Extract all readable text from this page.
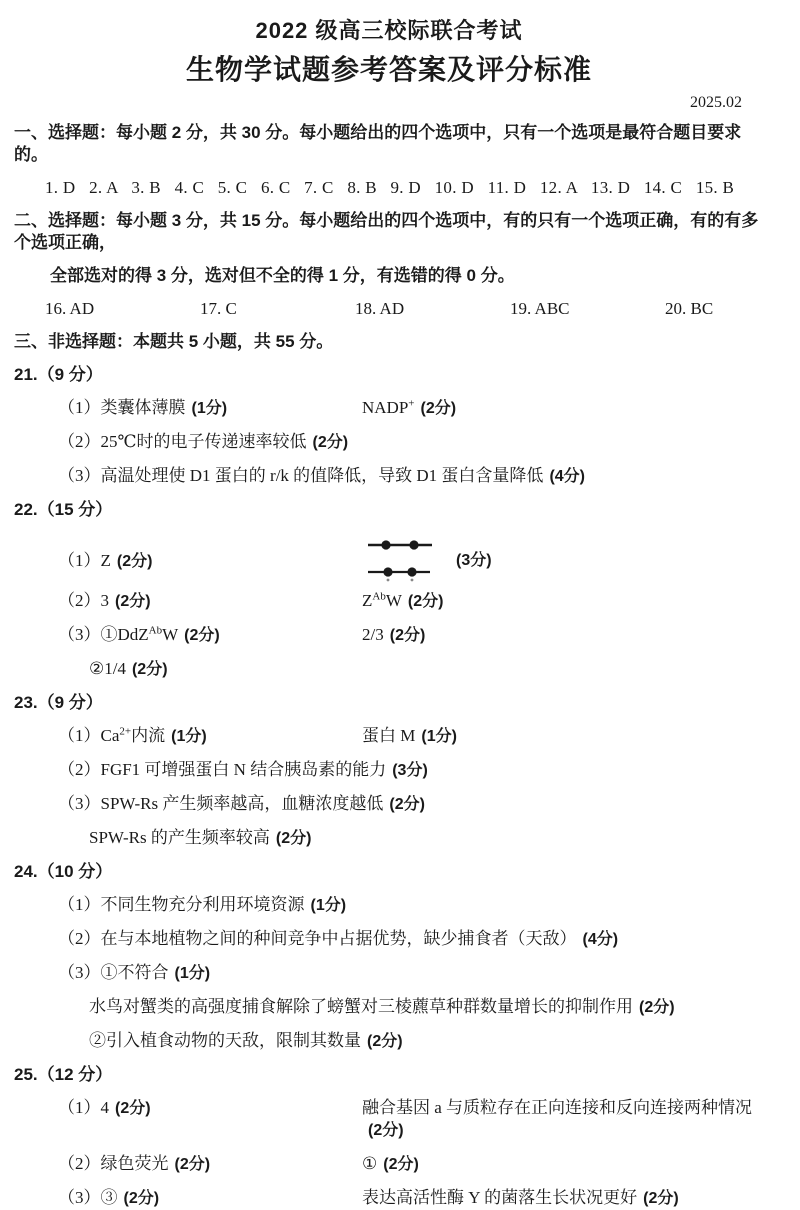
2022 级高三校际联合考试
生物学试题参考答案及评分标准
2025.02
一、选择题：每小题 2 分，共 30 分。每小题给出的四个选项中，只有一个选项是最符合题目要求的。
1. D   2. A   3. B   4. C   5. C   6. C   7. C   8. B   9. D   10. D   11. D   12. A   13. D   14. C   15. B
二、选择题：每小题 3 分，共 15 分。每小题给出的四个选项中，有的只有一个选项正确，有的有多个选项正确，
全部选对的得 3 分，选对但不全的得 1 分，有选错的得 0 分。
16. AD	17. C	18. AD	19. ABC	20. BC
三、非选择题：本题共 5 小题，共 55 分。
21.（9 分）
（1）类囊体薄膜 (1分)	NADP+ (2分)
（2）25℃时的电子传递速率较低 (2分)
（3）高温处理使 D1 蛋白的 r/k 的值降低，导致 D1 蛋白含量降低 (4分)
22.（15 分）
（1）Z (2分)	(3分)
（2）3 (2分)	$Z^{Ab}W$ (2分)
（3）①DdZ$^{Ab}$W (2分)	2/3 (2分)
②1/4 (2分)
23.（9 分）
$(1)Ca^{2+}$内流 (1分)	蛋白 M (1分)
（2）FGF1 可增强蛋白 N 结合胰岛素的能力 (3分)
（3）SPW-Rs 产生频率越高，血糖浓度越低 (2分)
SPW-Rs 的产生频率较高 (2分)
24.（10 分）
（1）不同生物充分利用环境资源 (1分)
（2）在与本地植物之间的种间竞争中占据优势，缺少捕食者（天敌） (4分)
（3）①不符合 (1分)
水鸟对蟹类的高强度捕食解除了螃蟹对三棱藨草种群数量增长的抑制作用 (2分)
②引入植食动物的天敌，限制其数量 (2分)
25.（12 分）
（1）4 (2分)	融合基因 a 与质粒存在正向连接和反向连接两种情况(2分)
（2）绿色荧光 (2分)	① (2分)
（3）③ (2分)	表达高活性酶 Y 的菌落生长状况更好 (2分)
